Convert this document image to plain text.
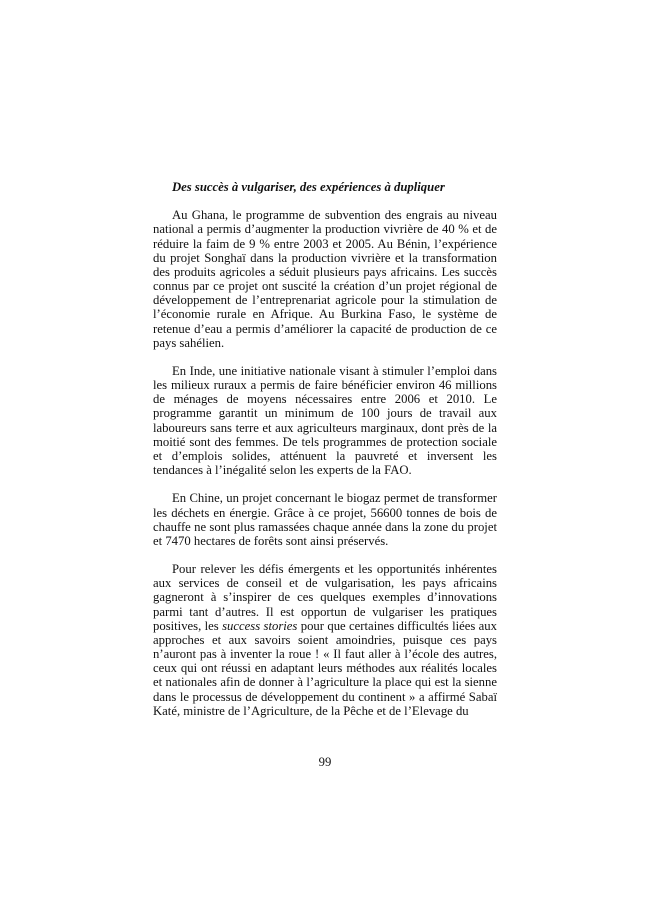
Des succès à vulgariser, des expériences à dupliquer
Au Ghana, le programme de subvention des engrais au niveau
national a permis d’augmenter la production vivrière de 40 % et de
réduire la faim de 9 % entre 2003 et 2005. Au Bénin, l’expérience
du projet Songhaï dans la production vivrière et la transformation
des produits agricoles a séduit plusieurs pays africains. Les succès
connus par ce projet ont suscité la création d’un projet régional de
développement de l’entreprenariat agricole pour la stimulation de
l’économie rurale en Afrique. Au Burkina Faso, le système de
retenue d’eau a permis d’améliorer la capacité de production de ce
pays sahélien.
En Inde, une initiative nationale visant à stimuler l’emploi dans
les milieux ruraux a permis de faire bénéficier environ 46 millions
de ménages de moyens nécessaires entre 2006 et 2010. Le
programme garantit un minimum de 100 jours de travail aux
laboureurs sans terre et aux agriculteurs marginaux, dont près de la
moitié sont des femmes. De tels programmes de protection sociale
et d’emplois solides, atténuent la pauvreté et inversent les
tendances à l’inégalité selon les experts de la FAO.
En Chine, un projet concernant le biogaz permet de transformer
les déchets en énergie. Grâce à ce projet, 56600 tonnes de bois de
chauffe ne sont plus ramassées chaque année dans la zone du projet
et 7470 hectares de forêts sont ainsi préservés.
Pour relever les défis émergents et les opportunités inhérentes
aux services de conseil et de vulgarisation, les pays africains
gagneront à s’inspirer de ces quelques exemples d’innovations
parmi tant d’autres. Il est opportun de vulgariser les pratiques
positives, les success stories pour que certaines difficultés liées aux
approches et aux savoirs soient amoindries, puisque ces pays
n’auront pas à inventer la roue ! « Il faut aller à l’école des autres,
ceux qui ont réussi en adaptant leurs méthodes aux réalités locales
et nationales afin de donner à l’agriculture la place qui est la sienne
dans le processus de développement du continent » a affirmé Sabaï
Katé, ministre de l’Agriculture, de la Pêche et de l’Elevage du
99
